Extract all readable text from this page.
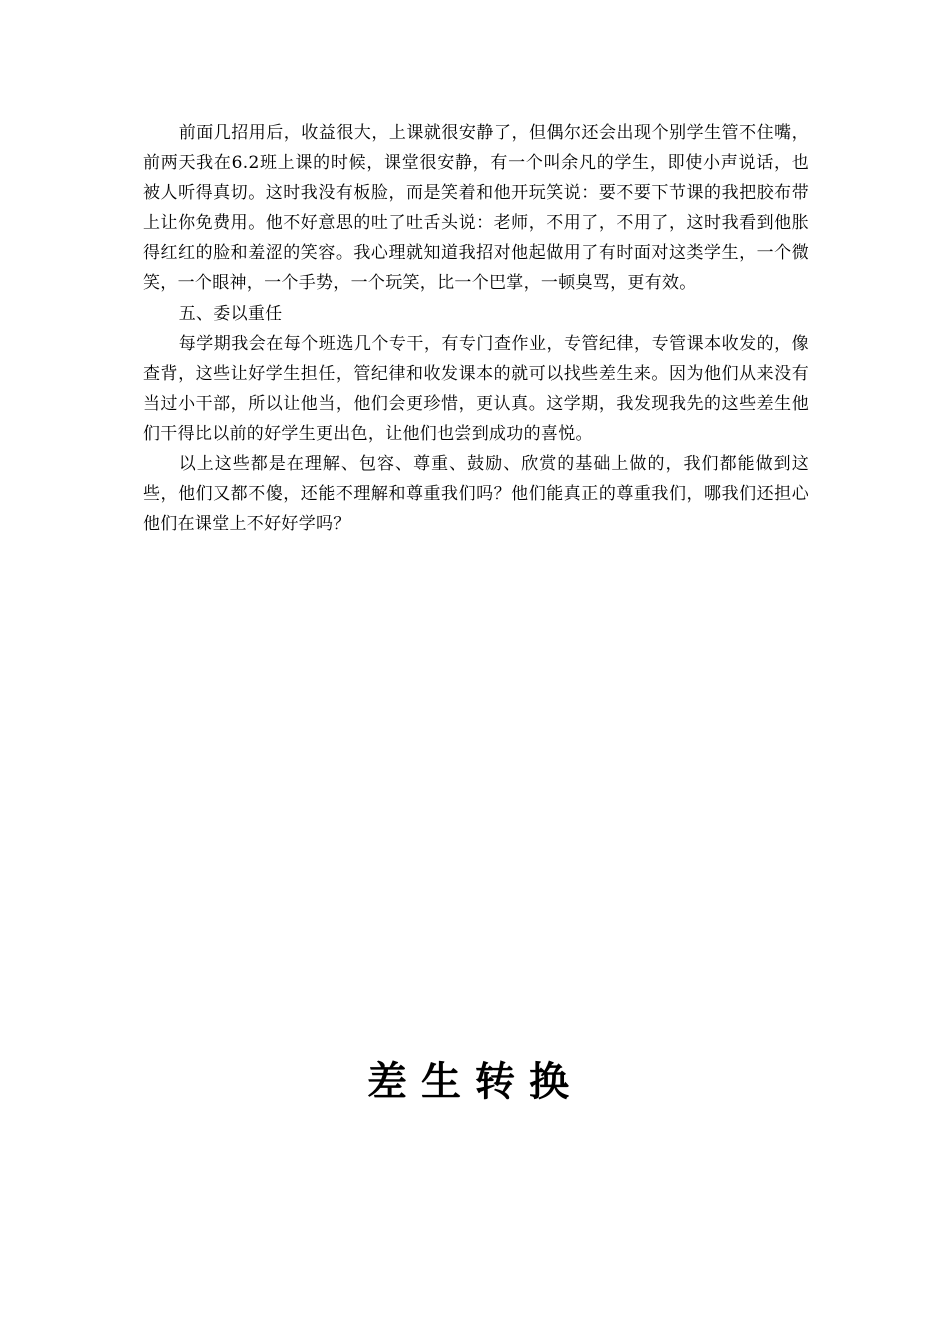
前面几招用后，收益很大，上课就很安静了，但偶尔还会出现个别学生管不住嘴，前两天我在6.2班上课的时候，课堂很安静，有一个叫余凡的学生，即使小声说话，也被人听得真切。这时我没有板脸，而是笑着和他开玩笑说：要不要下节课的我把胶布带上让你免费用。他不好意思的吐了吐舌头说：老师，不用了，不用了，这时我看到他胀得红红的脸和羞涩的笑容。我心理就知道我招对他起做用了有时面对这类学生，一个微笑，一个眼神，一个手势，一个玩笑，比一个巴掌，一顿臭骂，更有效。

五、委以重任

每学期我会在每个班选几个专干，有专门查作业，专管纪律，专管课本收发的，像查背，这些让好学生担任，管纪律和收发课本的就可以找些差生来。因为他们从来没有当过小干部，所以让他当，他们会更珍惜，更认真。这学期，我发现我先的这些差生他们干得比以前的好学生更出色，让他们也尝到成功的喜悦。

以上这些都是在理解、包容、尊重、鼓励、欣赏的基础上做的，我们都能做到这些，他们又都不傻，还能不理解和尊重我们吗？他们能真正的尊重我们，哪我们还担心他们在课堂上不好好学吗？

差生转换
